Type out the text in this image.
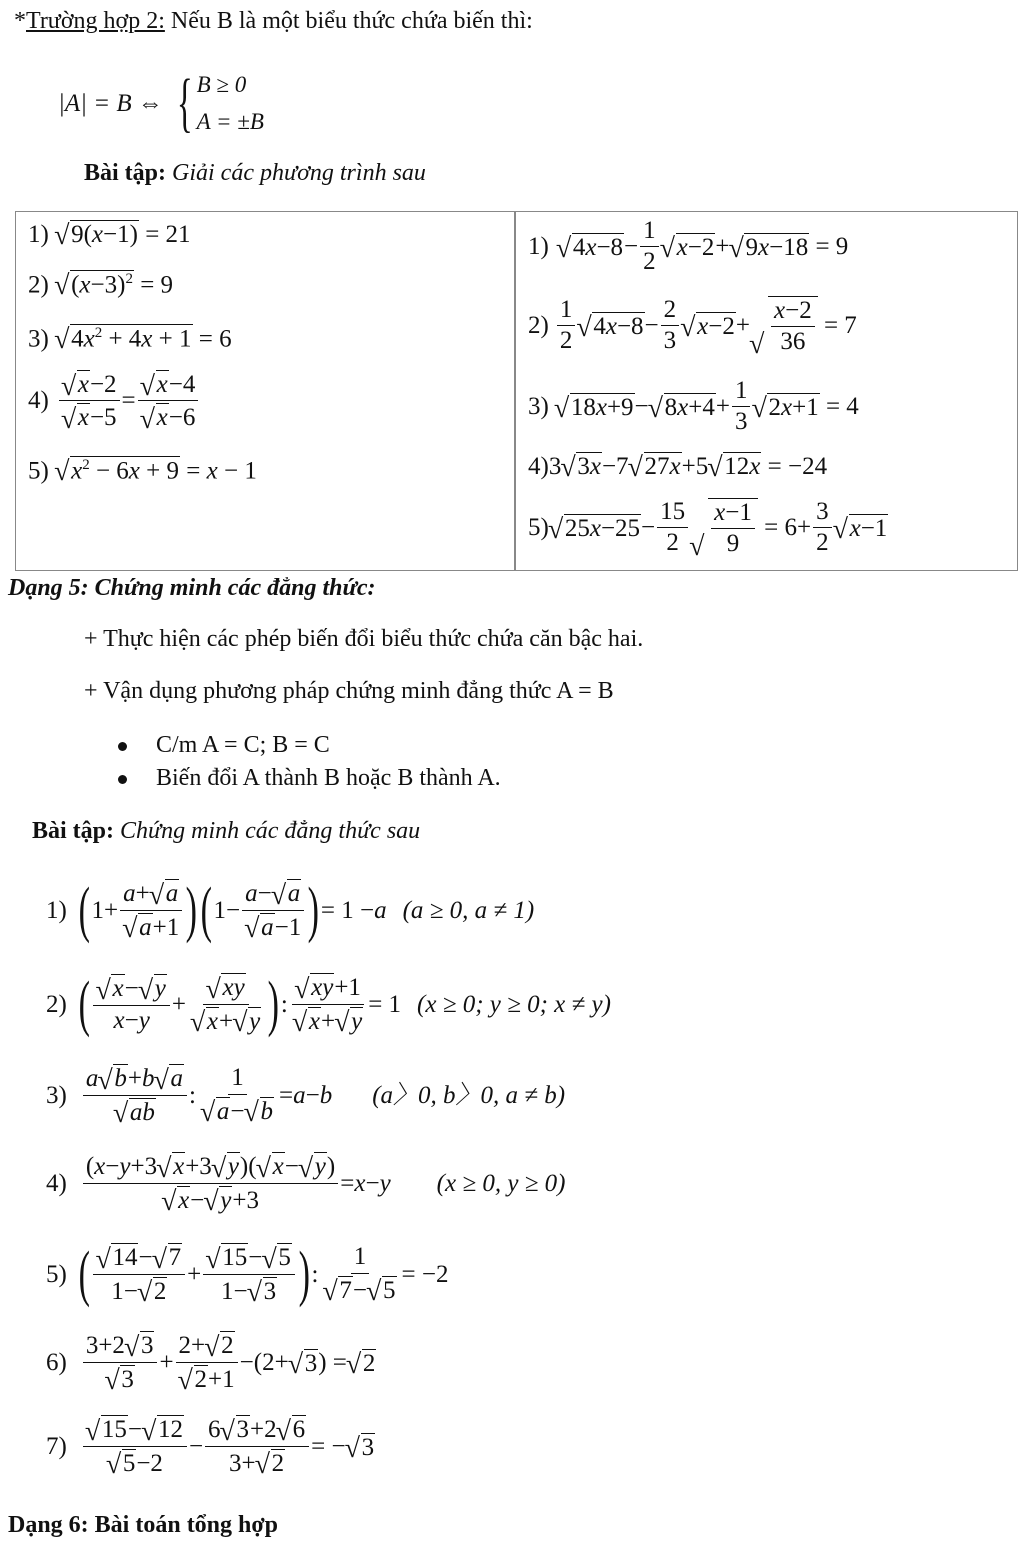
*Trường hợp 2: Nếu B là một biểu thức chứa biến thì:
|A| = B ⇔ { B ≥ 0
A = ±B
Bài tập: Giải các phương trình sau
1) √ 9(x−1) = 21
2) √ $(x-3)^2 = 9$
3) √ $4x^2 + 4x + 1 = 6$
4)
√ x−2
√ x−5
=
√ x−4
√ x−6
5) √ $x^2 - 6x + 9 = x - 1$
1) √ 4x−8 −
1
2
√ x−2 + √ 9x−18 = 9
2)
1
2
√ 4x−8 −
2
3
√ x−2 + √ $\frac{x-2}{36} = 7$
3) √ 18x+9 − √ 8x+4 +
1
3
√ 2x+1 = 4
4)3 √ 3x−7 √ 27x+5 √ 12x = −24
5) √ 25x−25 −
15
2 √ $\frac{x-1}{9} = 6+$
3
2
√ x−1
Dạng 5: Chứng minh các đẳng thức:
+ Thực hiện các phép biến đổi biểu thức chứa căn bậc hai.
+ Vận dụng phương pháp chứng minh đẳng thức A = B
C/m A = C; B = C
Biến đổi A thành B hoặc B thành A.
Bài tập: Chứng minh các đẳng thức sau
1) ( 1+
a+ √ a
√ a+1 ) ( 1−
a− √ a
√ a−1 ) = 1 − a (a ≥ 0, a ≠ 1)
2) ( √ x− √ y
x−y
+
√ xy
√ x+ √ y ) :
√ xy+1
√ x+ √ y
= 1 (x ≥ 0; y ≥ 0; x ≠ y)
3)
a √ b+b √ a
√ ab
:
1
√ a− √ b
= a − b (a〉0, b〉0, a ≠ b)
4)
(x−y+3 √ x+3 √ y)( √ x− √ y)
√ x− √ y+3
= x − y (x ≥ 0, y ≥ 0)
5) ( √ 14− √ 7
1− √ 2
+
√ 15− √ 5
1− √ 3 ) :
1
√ 7− √ 5
= −2
6)
3+2 √ 3
√ 3
+
2+ √ 2
√ 2+1
−(2+ √ 3 ) = √ 2
7)
√ 15− √ 12
√ 5−2
−
6 √ 3+2 √ 6
3+ √ 2
= − √ 3
Dạng 6: Bài toán tổng hợp
